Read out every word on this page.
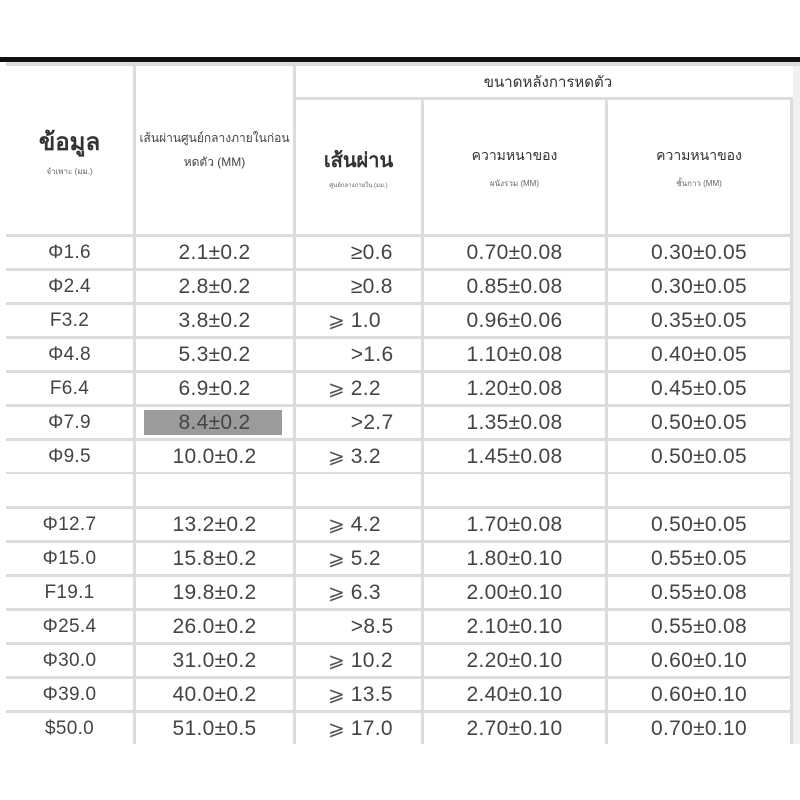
ข้อมูล
จำเพาะ (มม.)
เส้นผ่านศูนย์กลางภายในก่อน
หดตัว (MM)
ขนาดหลังการหดตัว
เส้นผ่าน
ศูนย์กลางภายใน (มม.)
ความหนาของ
ผนังรวม (MM)
ความหนาของ
ชั้นกาว (MM)
Φ1.6	2.1±0.2	≥0.6	0.70±0.08	0.30±0.05
Φ2.4	2.8±0.2	≥0.8	0.85±0.08	0.30±0.05
F3.2	3.8±0.2	⩾ 1.0	0.96±0.06	0.35±0.05
Φ4.8	5.3±0.2	>1.6	1.10±0.08	0.40±0.05
F6.4	6.9±0.2	⩾ 2.2	1.20±0.08	0.45±0.05
Φ7.9	8.4±0.2	>2.7	1.35±0.08	0.50±0.05
Φ9.5	10.0±0.2	⩾ 3.2	1.45±0.08	0.50±0.05
Φ12.7	13.2±0.2	⩾ 4.2	1.70±0.08	0.50±0.05
Φ15.0	15.8±0.2	⩾ 5.2	1.80±0.10	0.55±0.05
F19.1	19.8±0.2	⩾ 6.3	2.00±0.10	0.55±0.08
Φ25.4	26.0±0.2	>8.5	2.10±0.10	0.55±0.08
Φ30.0	31.0±0.2	⩾ 10.2	2.20±0.10	0.60±0.10
Φ39.0	40.0±0.2	⩾ 13.5	2.40±0.10	0.60±0.10
$50.0	51.0±0.5	⩾ 17.0	2.70±0.10	0.70±0.10
